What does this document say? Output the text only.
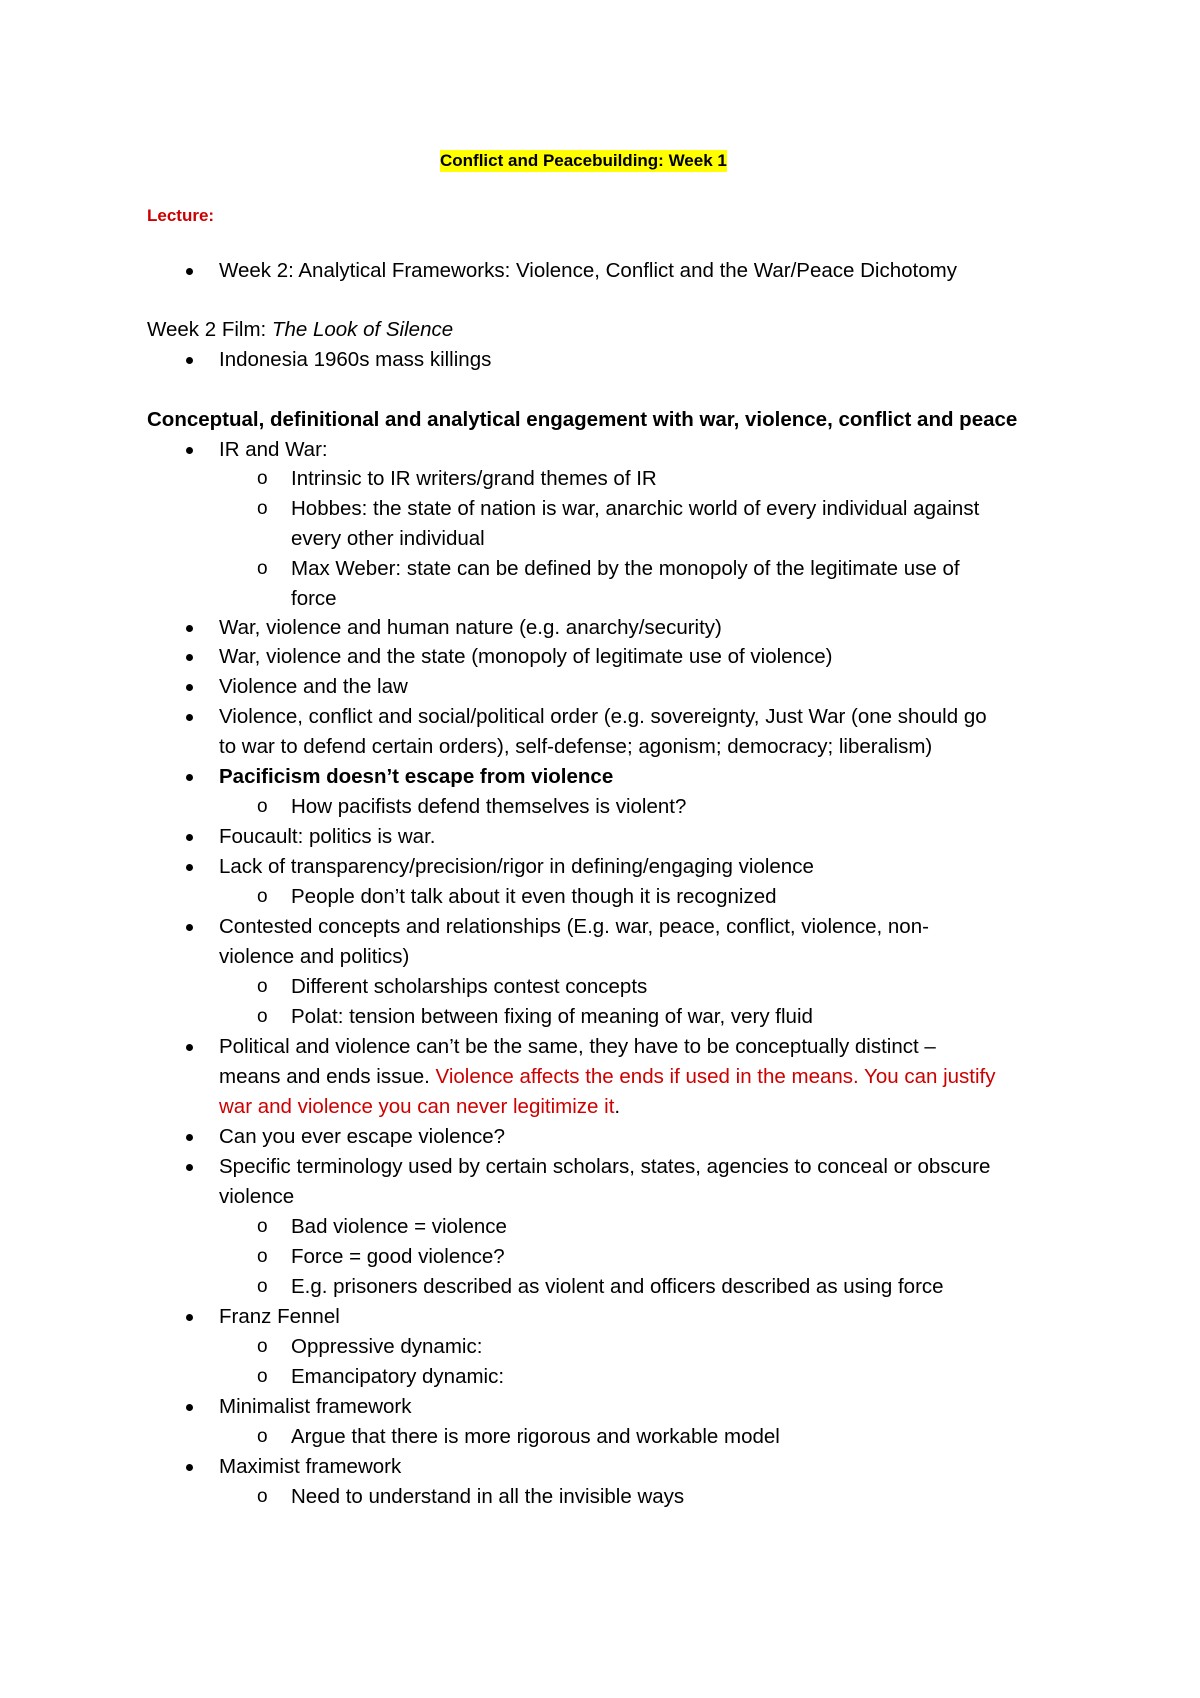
Conflict and Peacebuilding: Week 1
Lecture:
Week 2: Analytical Frameworks: Violence, Conflict and the War/Peace Dichotomy
Week 2 Film: The Look of Silence
Indonesia 1960s mass killings
Conceptual, definitional and analytical engagement with war, violence, conflict and peace
IR and War:
o Intrinsic to IR writers/grand themes of IR
o Hobbes: the state of nation is war, anarchic world of every individual against
every other individual
o Max Weber: state can be defined by the monopoly of the legitimate use of
force
War, violence and human nature (e.g. anarchy/security)
War, violence and the state (monopoly of legitimate use of violence)
Violence and the law
Violence, conflict and social/political order (e.g. sovereignty, Just War (one should go
to war to defend certain orders), self-defense; agonism; democracy; liberalism)
Pacificism doesn’t escape from violence
o How pacifists defend themselves is violent?
Foucault: politics is war.
Lack of transparency/precision/rigor in defining/engaging violence
o People don’t talk about it even though it is recognized
Contested concepts and relationships (E.g. war, peace, conflict, violence, non-
violence and politics)
o Different scholarships contest concepts
o Polat: tension between fixing of meaning of war, very fluid
Political and violence can’t be the same, they have to be conceptually distinct –
means and ends issue. Violence affects the ends if used in the means. You can justify
war and violence you can never legitimize it.
Can you ever escape violence?
Specific terminology used by certain scholars, states, agencies to conceal or obscure
violence
o Bad violence = violence
o Force = good violence?
o E.g. prisoners described as violent and officers described as using force
Franz Fennel
o Oppressive dynamic:
o Emancipatory dynamic:
Minimalist framework
o Argue that there is more rigorous and workable model
Maximist framework
o Need to understand in all the invisible ways
